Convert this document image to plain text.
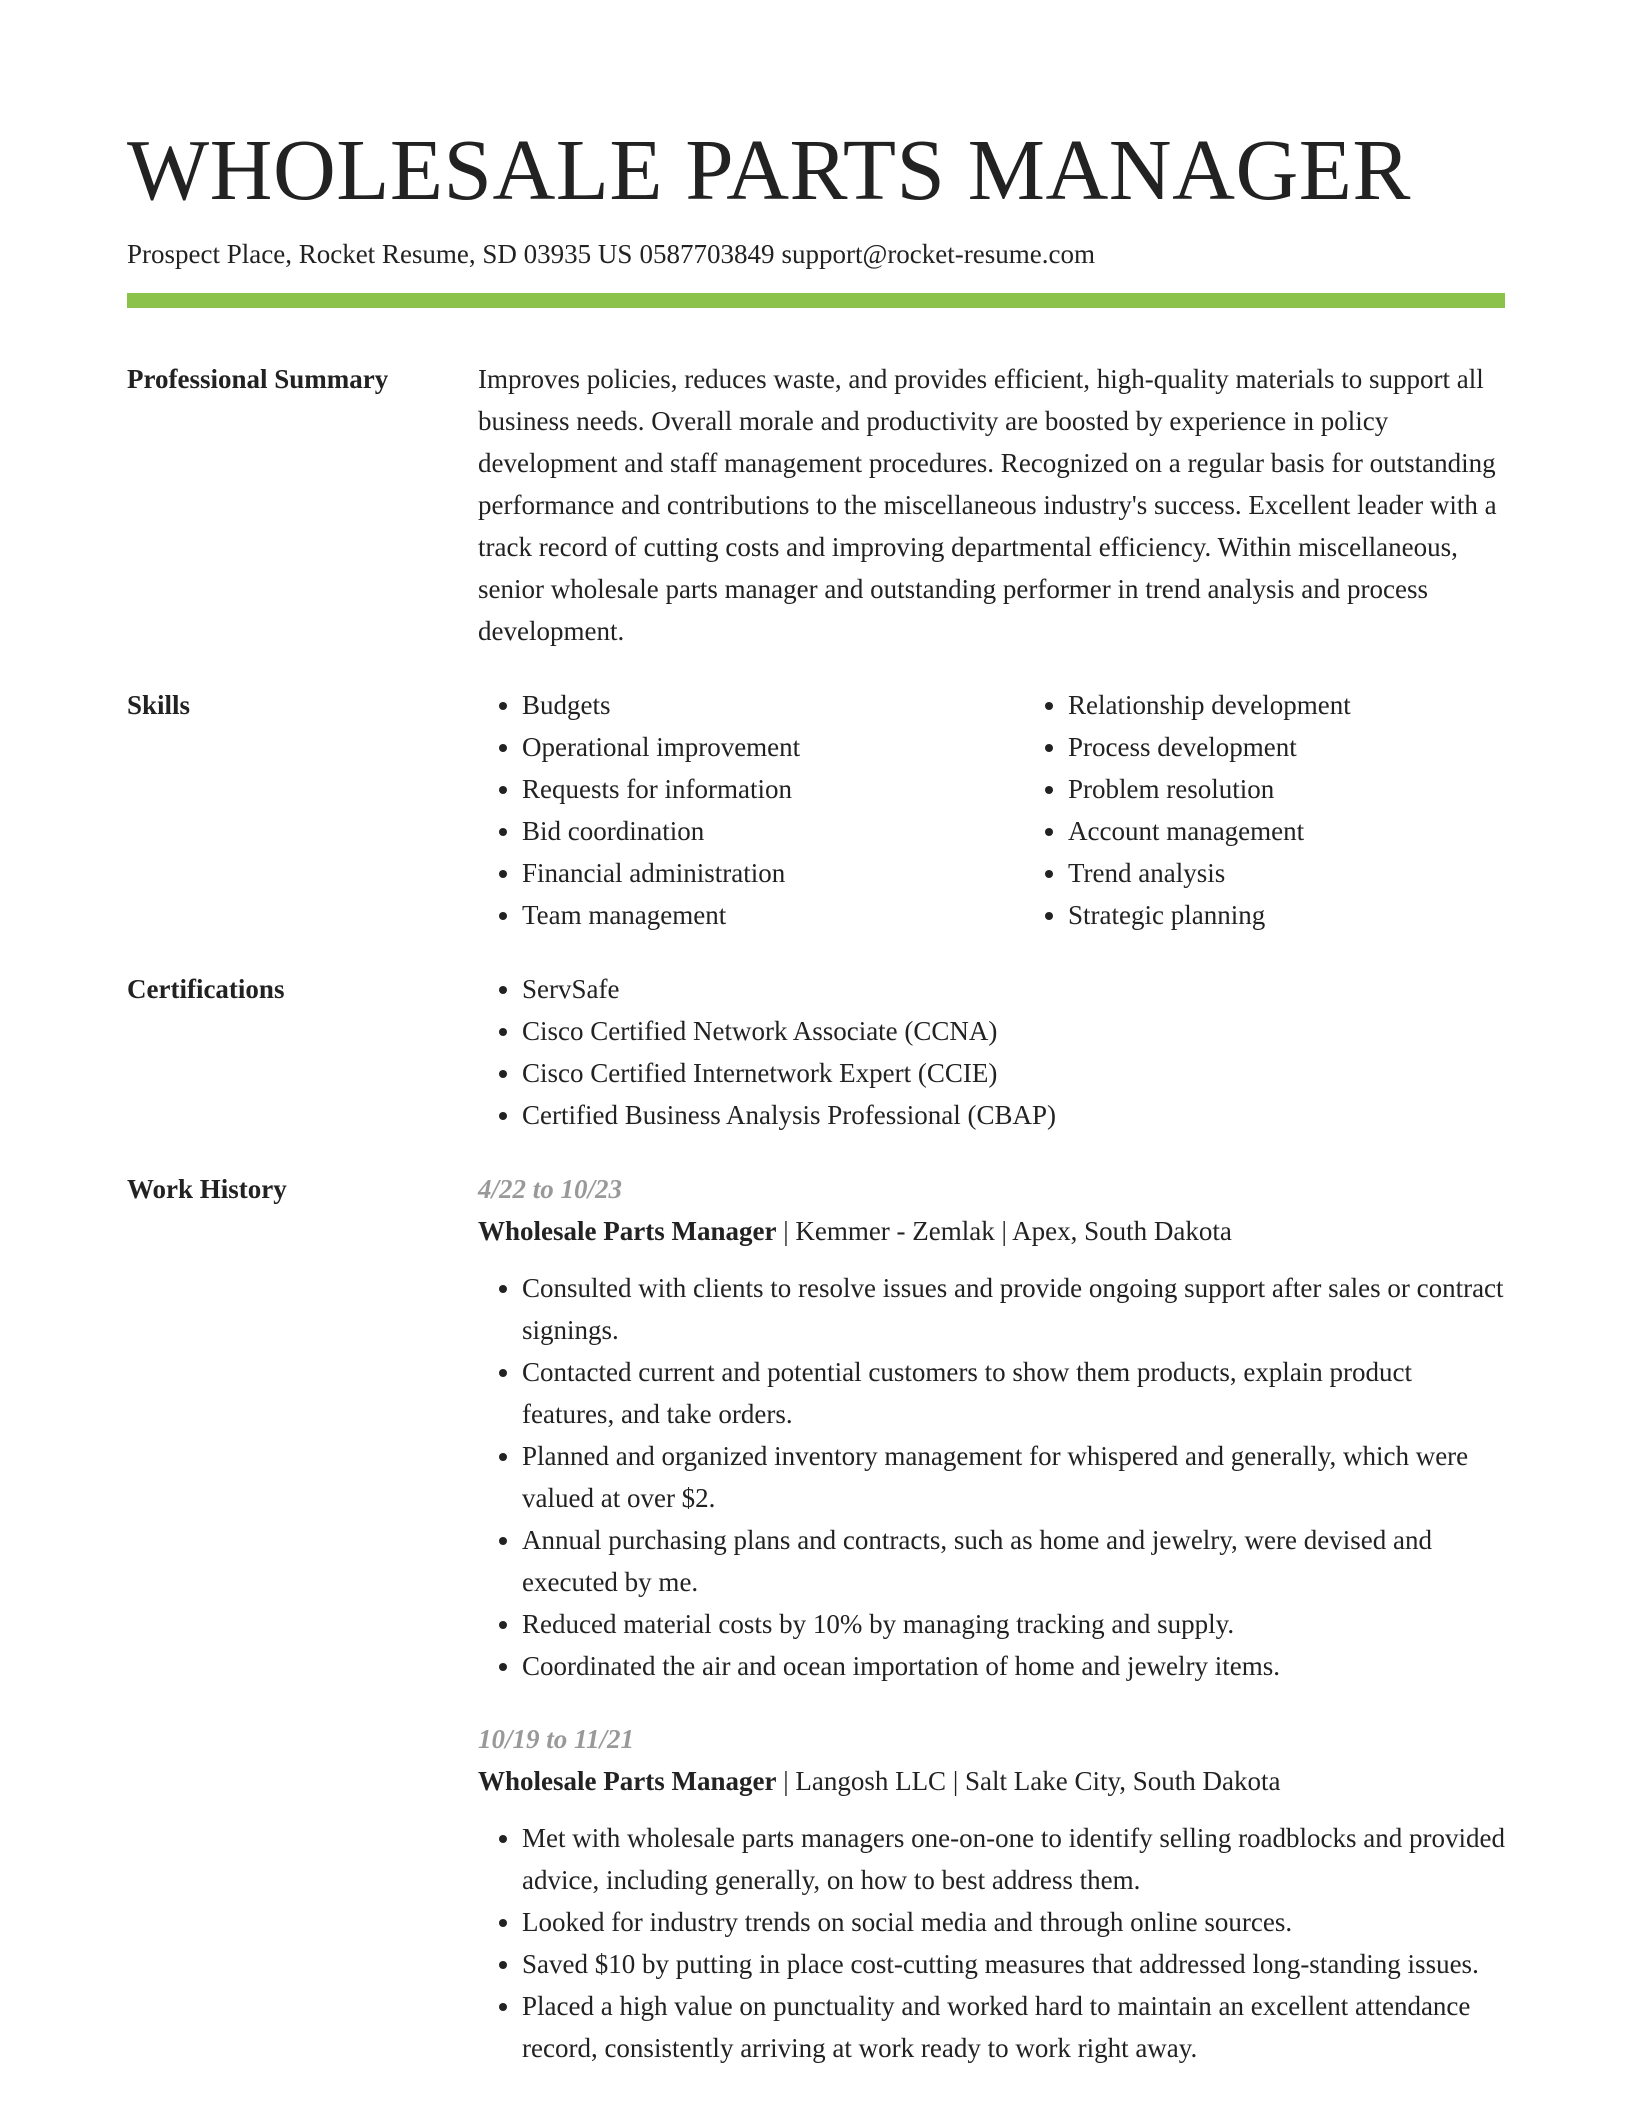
WHOLESALE PARTS MANAGER
Prospect Place, Rocket Resume, SD 03935 US 0587703849 support@rocket-resume.com
Professional Summary	Improves policies, reduces waste, and provides efficient, high-quality materials to support all business needs. Overall morale and productivity are boosted by experience in policy development and staff management procedures. Recognized on a regular basis for outstanding performance and contributions to the miscellaneous industry's success. Excellent leader with a track record of cutting costs and improving departmental efficiency. Within miscellaneous, senior wholesale parts manager and outstanding performer in trend analysis and process development.

Skills	• Budgets
• Operational improvement
• Requests for information
• Bid coordination
• Financial administration
• Team management
• Relationship development
• Process development
• Problem resolution
• Account management
• Trend analysis
• Strategic planning
Certifications	• ServSafe
• Cisco Certified Network Associate (CCNA)
• Cisco Certified Internetwork Expert (CCIE)
• Certified Business Analysis Professional (CBAP)
Work History	4/22 to 10/23
Wholesale Parts Manager | Kemmer - Zemlak | Apex, South Dakota
• Consulted with clients to resolve issues and provide ongoing support after sales or contract signings.
• Contacted current and potential customers to show them products, explain product features, and take orders.
• Planned and organized inventory management for whispered and generally, which were valued at over $2.
• Annual purchasing plans and contracts, such as home and jewelry, were devised and executed by me.
• Reduced material costs by 10% by managing tracking and supply.
• Coordinated the air and ocean importation of home and jewelry items.
10/19 to 11/21
Wholesale Parts Manager | Langosh LLC | Salt Lake City, South Dakota
• Met with wholesale parts managers one-on-one to identify selling roadblocks and provided advice, including generally, on how to best address them.
• Looked for industry trends on social media and through online sources.
• Saved $10 by putting in place cost-cutting measures that addressed long-standing issues.
• Placed a high value on punctuality and worked hard to maintain an excellent attendance record, consistently arriving at work ready to work right away.
